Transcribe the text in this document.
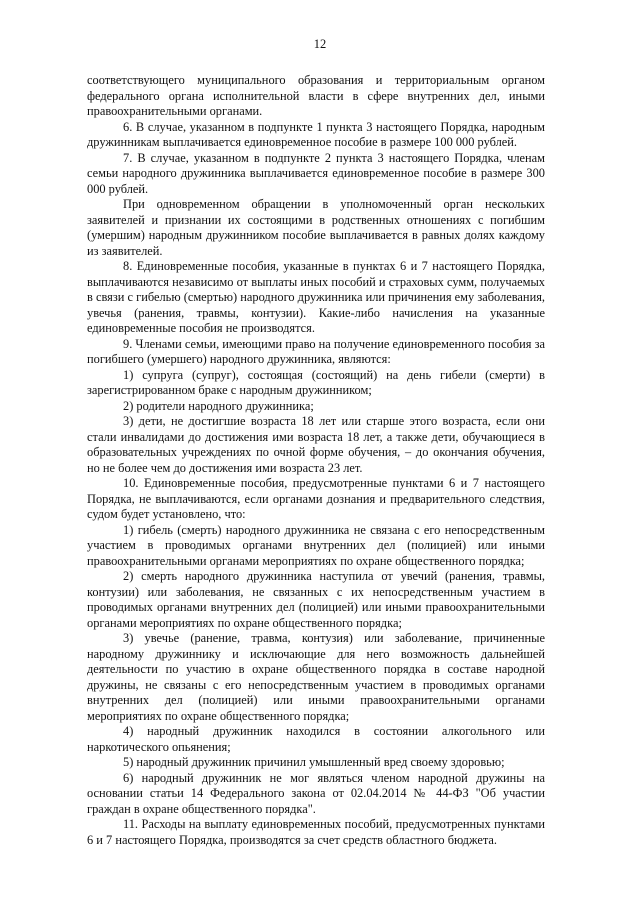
12

соответствующего муниципального образования и территориальным органом федерального органа исполнительной власти в сфере внутренних дел, иными правоохранительными органами.

6. В случае, указанном в подпункте 1 пункта 3 настоящего Порядка, народным дружинникам выплачивается единовременное пособие в размере 100 000 рублей.

7. В случае, указанном в подпункте 2 пункта 3 настоящего Порядка, членам семьи народного дружинника выплачивается единовременное пособие в размере 300 000 рублей.

При одновременном обращении в уполномоченный орган нескольких заявителей и признании их состоящими в родственных отношениях с погибшим (умершим) народным дружинником пособие выплачивается в равных долях каждому из заявителей.

8. Единовременные пособия, указанные в пунктах 6 и 7 настоящего Порядка, выплачиваются независимо от выплаты иных пособий и страховых сумм, получаемых в связи с гибелью (смертью) народного дружинника или причинения ему заболевания, увечья (ранения, травмы, контузии). Какие-либо начисления на указанные единовременные пособия не производятся.

9. Членами семьи, имеющими право на получение единовременного пособия за погибшего (умершего) народного дружинника, являются:

1) супруга (супруг), состоящая (состоящий) на день гибели (смерти) в зарегистрированном браке с народным дружинником;

2) родители народного дружинника;

3) дети, не достигшие возраста 18 лет или старше этого возраста, если они стали инвалидами до достижения ими возраста 18 лет, а также дети, обучающиеся в образовательных учреждениях по очной форме обучения, – до окончания обучения, но не более чем до достижения ими возраста 23 лет.

10. Единовременные пособия, предусмотренные пунктами 6 и 7 настоящего Порядка, не выплачиваются, если органами дознания и предварительного следствия, судом будет установлено, что:

1) гибель (смерть) народного дружинника не связана с его непосредственным участием в проводимых органами внутренних дел (полицией) или иными правоохранительными органами мероприятиях по охране общественного порядка;

2) смерть народного дружинника наступила от увечий (ранения, травмы, контузии) или заболевания, не связанных с их непосредственным участием в проводимых органами внутренних дел (полицией) или иными правоохранительными органами мероприятиях по охране общественного порядка;

3) увечье (ранение, травма, контузия) или заболевание, причиненные народному дружиннику и исключающие для него возможность дальнейшей деятельности по участию в охране общественного порядка в составе народной дружины, не связаны с его непосредственным участием в проводимых органами внутренних дел (полицией) или иными правоохранительными органами мероприятиях по охране общественного порядка;

4) народный дружинник находился в состоянии алкогольного или наркотического опьянения;

5) народный дружинник причинил умышленный вред своему здоровью;

6) народный дружинник не мог являться членом народной дружины на основании статьи 14 Федерального закона от 02.04.2014 № 44-ФЗ "Об участии граждан в охране общественного порядка".

11. Расходы на выплату единовременных пособий, предусмотренных пунктами 6 и 7 настоящего Порядка, производятся за счет средств областного бюджета.
